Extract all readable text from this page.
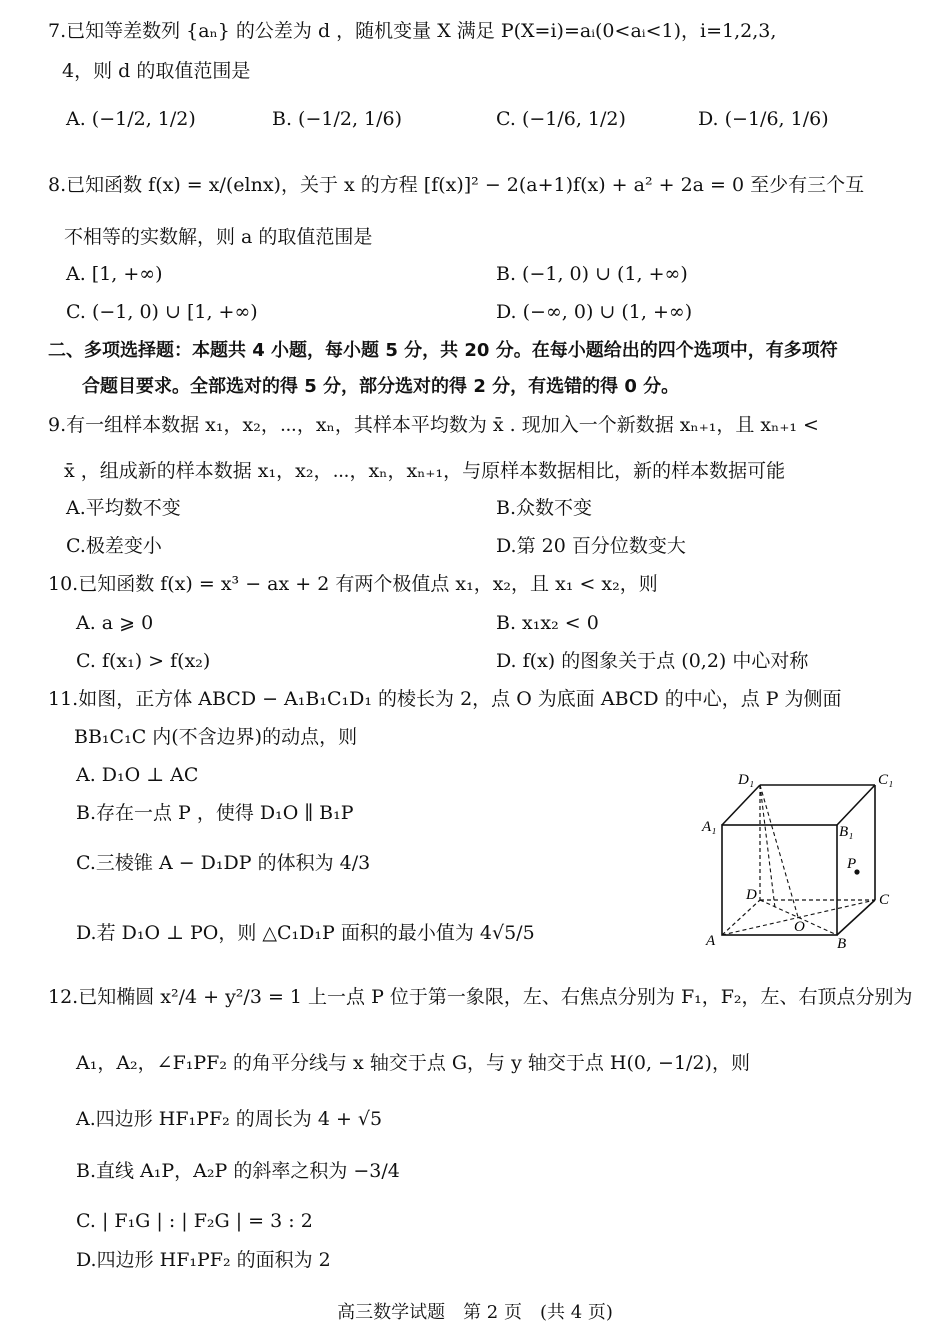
7.已知等差数列 {aₙ} 的公差为 d ，随机变量 X 满足 P(X=i)=aᵢ(0<aᵢ<1)，i=1,2,3,
4，则 d 的取值范围是
A. (−1/2, 1/2)	B. (−1/2, 1/6)	C. (−1/6, 1/2)	D. (−1/6, 1/6)
8.已知函数 f(x) = x/(elnx)，关于 x 的方程 [f(x)]² − 2(a+1)f(x) + a² + 2a = 0 至少有三个互
不相等的实数解，则 a 的取值范围是
A. [1, +∞)	B. (−1, 0) ∪ (1, +∞)
C. (−1, 0) ∪ [1, +∞)	D. (−∞, 0) ∪ (1, +∞)
二、多项选择题：本题共 4 小题，每小题 5 分，共 20 分。在每小题给出的四个选项中，有多项符
合题目要求。全部选对的得 5 分，部分选对的得 2 分，有选错的得 0 分。
9.有一组样本数据 x₁，x₂，⋯，xₙ，其样本平均数为 x̄ . 现加入一个新数据 xₙ₊₁，且 xₙ₊₁ <
x̄ ，组成新的样本数据 x₁，x₂，⋯，xₙ，xₙ₊₁，与原样本数据相比，新的样本数据可能
A.平均数不变	B.众数不变
C.极差变小	D.第 20 百分位数变大
10.已知函数 f(x) = x³ − ax + 2 有两个极值点 x₁，x₂，且 x₁ < x₂，则
A. a ⩾ 0	B. x₁x₂ < 0
C. f(x₁) > f(x₂)	D. f(x) 的图象关于点 (0,2) 中心对称
11.如图，正方体 ABCD − A₁B₁C₁D₁ 的棱长为 2，点 O 为底面 ABCD 的中心，点 P 为侧面
BB₁C₁C 内(不含边界)的动点，则
A. D₁O ⊥ AC
B.存在一点 P ，使得 D₁O ∥ B₁P
C.三棱锥 A − D₁DP 的体积为 4/3
D.若 D₁O ⊥ PO，则 △C₁D₁P 面积的最小值为 4√5/5
D₁	C₁
A₁	B₁
P
D	C
O
A	B
12.已知椭圆 x²/4 + y²/3 = 1 上一点 P 位于第一象限，左、右焦点分别为 F₁，F₂，左、右顶点分别为
A₁，A₂，∠F₁PF₂ 的角平分线与 x 轴交于点 G，与 y 轴交于点 H(0, −1/2)，则
A.四边形 HF₁PF₂ 的周长为 4 + √5
B.直线 A₁P，A₂P 的斜率之积为 −3/4
C. | F₁G | : | F₂G | = 3 : 2
D.四边形 HF₁PF₂ 的面积为 2
高三数学试题　第 2 页　(共 4 页)
